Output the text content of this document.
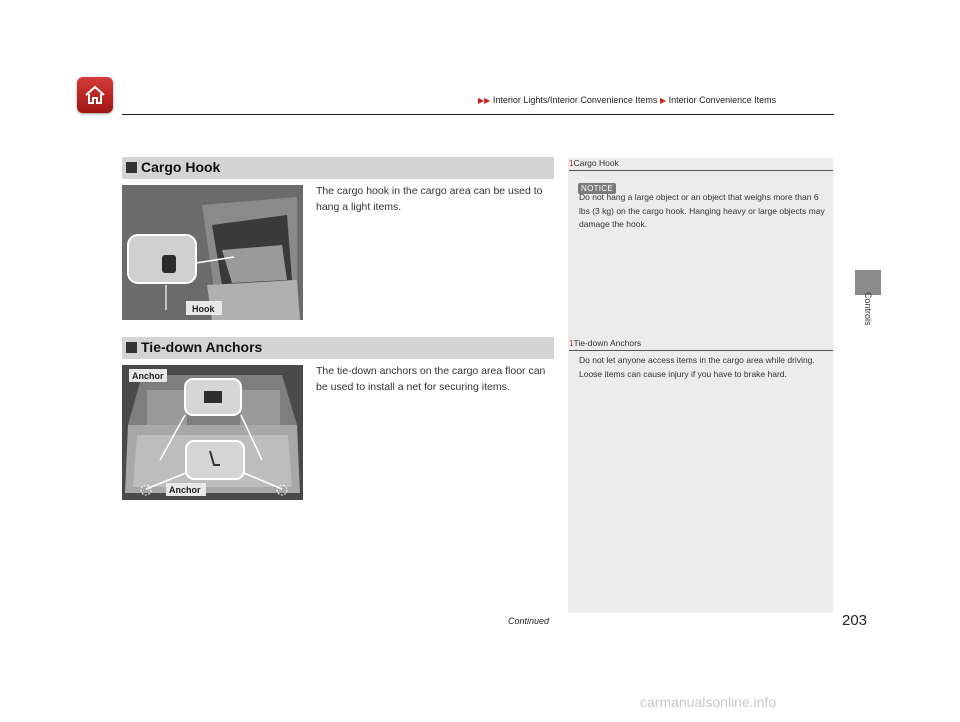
▶▶ Interior Lights/Interior Convenience Items ▶ Interior Convenience Items
Controls
Cargo Hook
Hook
The cargo hook in the cargo area can be used to hang a light items.
1Cargo Hook
NOTICE
Do not hang a large object or an object that weighs more than 6 lbs (3 kg) on the cargo hook. Hanging heavy or large objects may damage the hook.
Tie-down Anchors
Anchor
Anchor
The tie-down anchors on the cargo area floor can be used to install a net for securing items.
1Tie-down Anchors
Do not let anyone access items in the cargo area while driving. Loose items can cause injury if you have to brake hard.
Continued	203
carmanualsonline.info
